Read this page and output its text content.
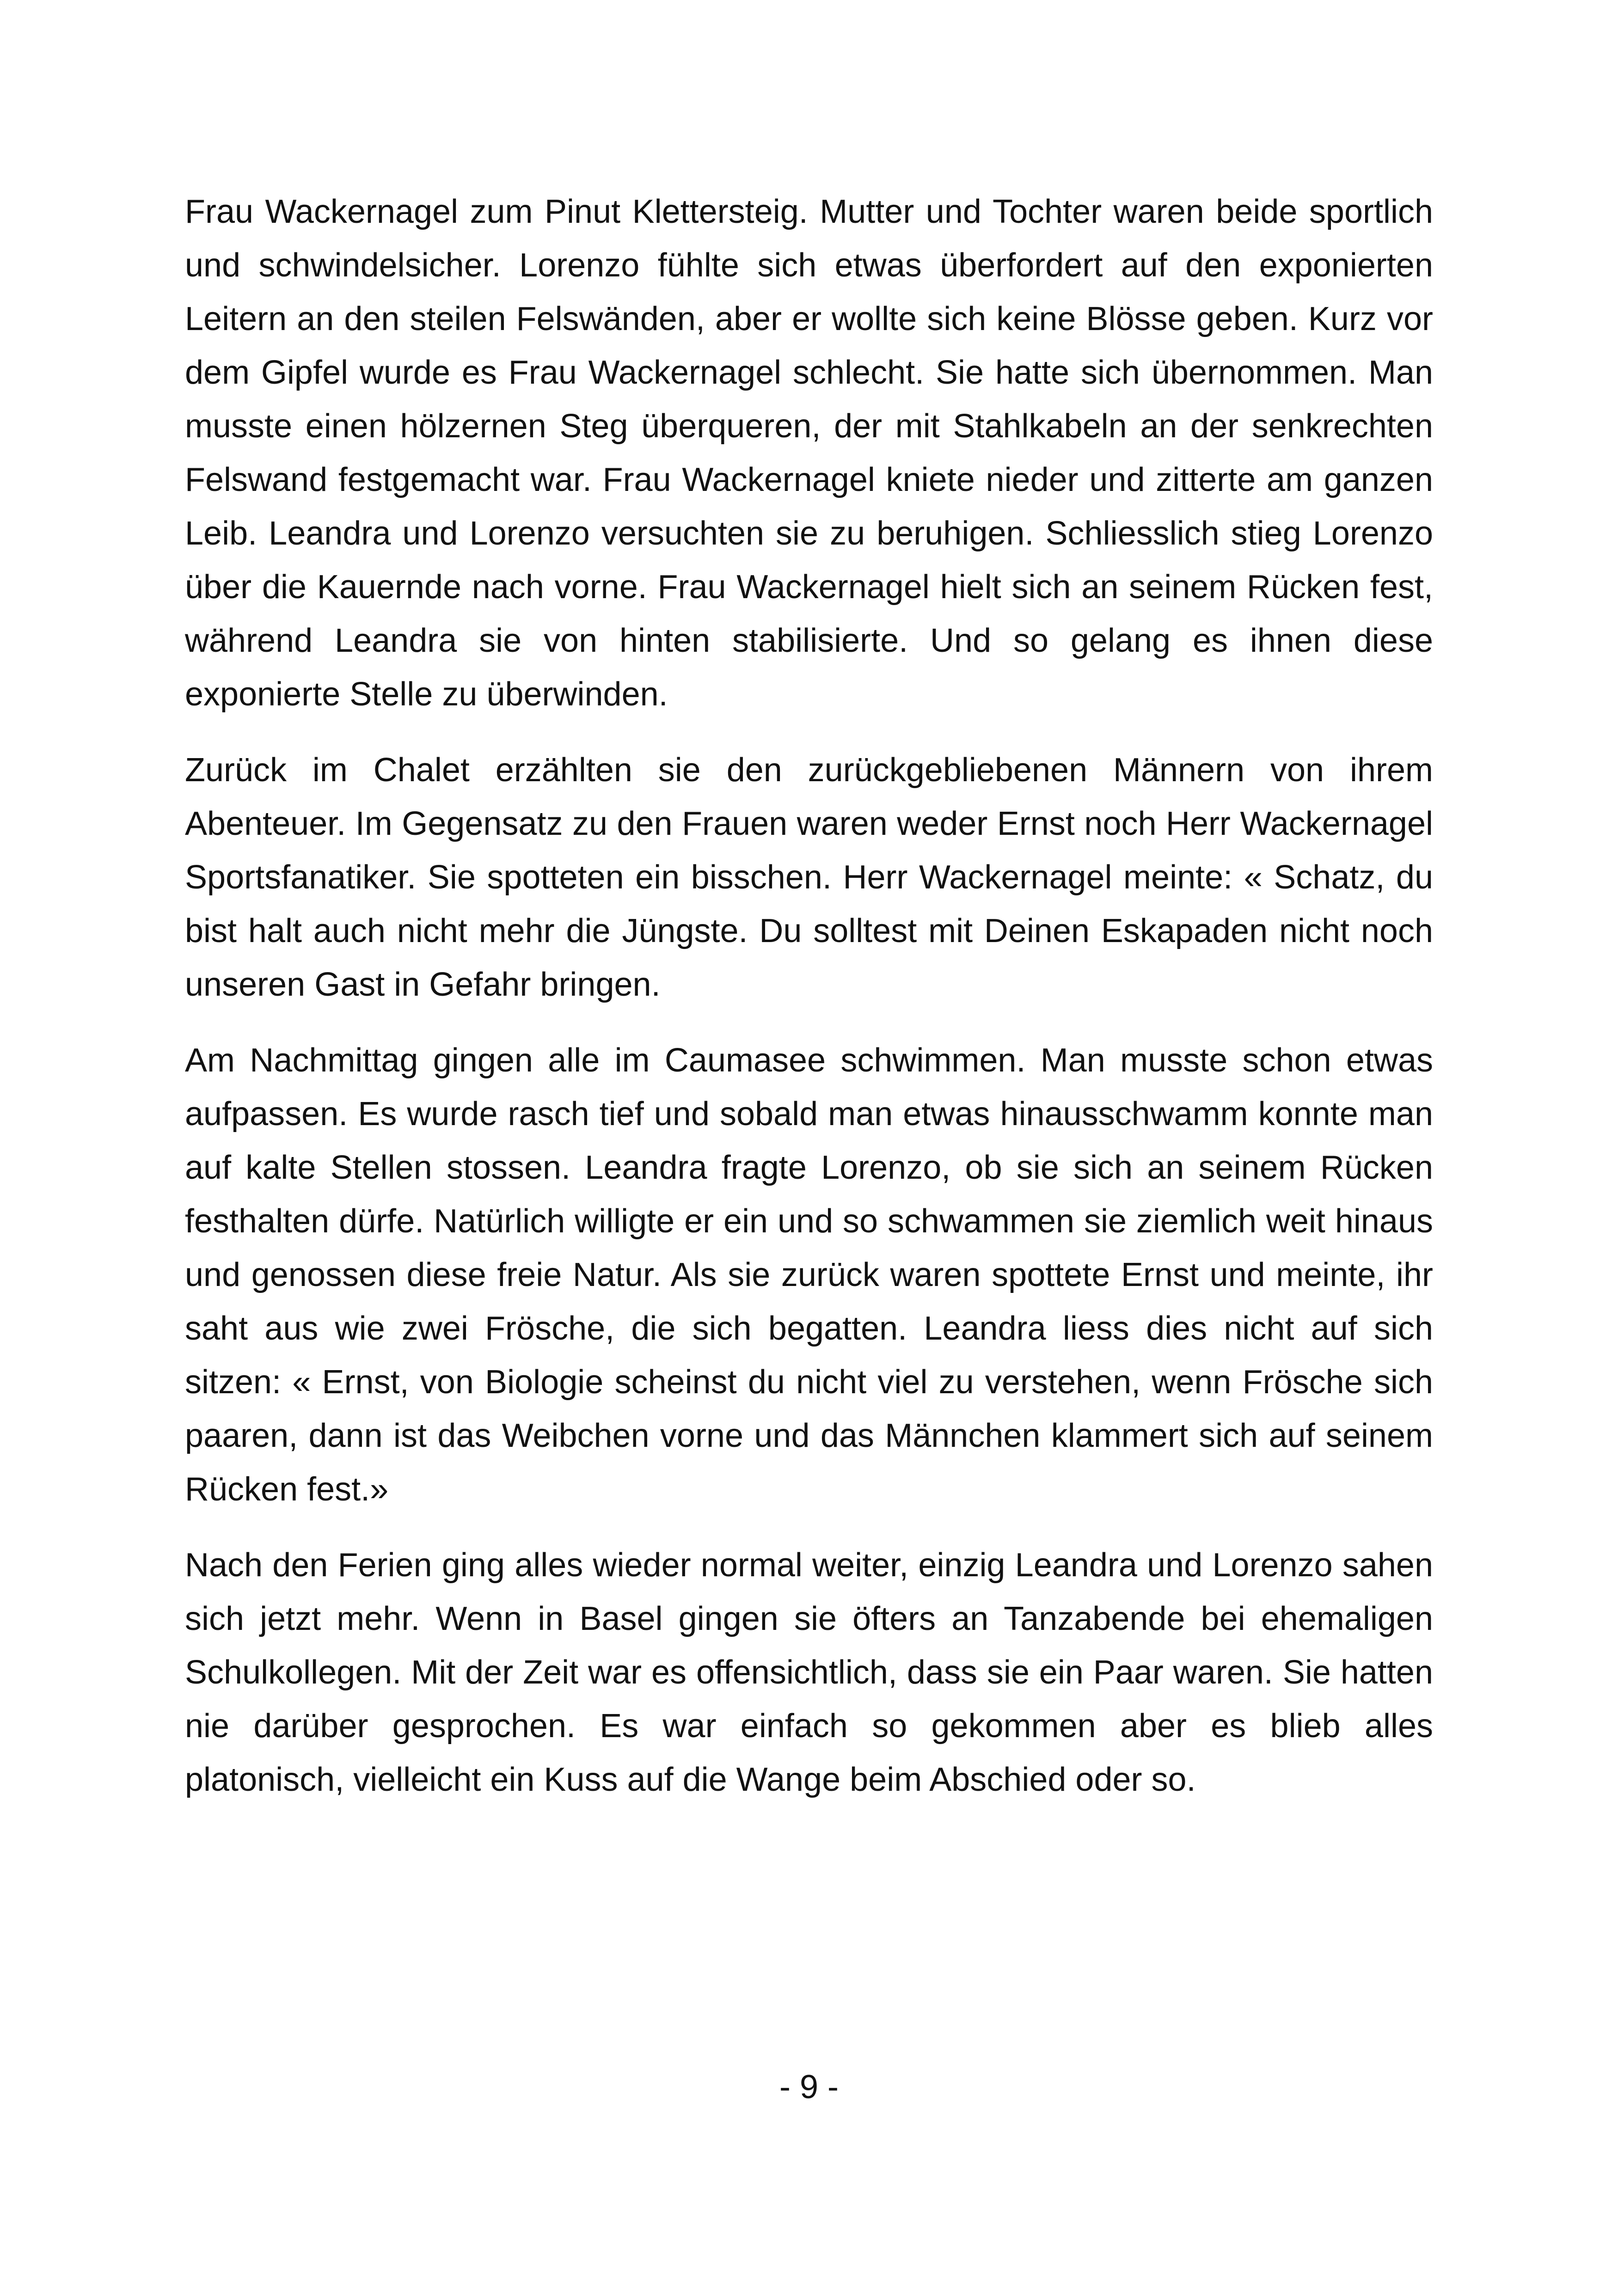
Frau Wackernagel zum Pinut Klettersteig. Mutter und Tochter waren beide sportlich und schwindelsicher. Lorenzo fühlte sich etwas überfordert auf den exponierten Leitern an den steilen Felswänden, aber er wollte sich keine Blösse geben. Kurz vor dem Gipfel wurde es Frau Wackernagel schlecht. Sie hatte sich übernommen. Man musste einen hölzernen Steg überqueren, der mit Stahlkabeln an der senkrechten Felswand festgemacht war. Frau Wackernagel kniete nieder und zitterte am ganzen Leib. Leandra und Lorenzo versuchten sie zu beruhigen. Schliesslich stieg Lorenzo über die Kauernde nach vorne. Frau Wackernagel hielt sich an seinem Rücken fest, während Leandra sie von hinten stabilisierte. Und so gelang es ihnen diese exponierte Stelle zu überwinden.

Zurück im Chalet erzählten sie den zurückgebliebenen Männern von ihrem Abenteuer. Im Gegensatz zu den Frauen waren weder Ernst noch Herr Wackernagel Sportsfanatiker. Sie spotteten ein bisschen. Herr Wackernagel meinte: « Schatz, du bist halt auch nicht mehr die Jüngste. Du solltest mit Deinen Eskapaden nicht noch unseren Gast in Gefahr bringen.

Am Nachmittag gingen alle im Caumasee schwimmen. Man musste schon etwas aufpassen. Es wurde rasch tief und sobald man etwas hinausschwamm konnte man auf kalte Stellen stossen. Leandra fragte Lorenzo, ob sie sich an seinem Rücken festhalten dürfe. Natürlich willigte er ein und so schwammen sie ziemlich weit hinaus und genossen diese freie Natur. Als sie zurück waren spottete Ernst und meinte, ihr saht aus wie zwei Frösche, die sich begatten. Leandra liess dies nicht auf sich sitzen: « Ernst, von Biologie scheinst du nicht viel zu verstehen, wenn Frösche sich paaren, dann ist das Weibchen vorne und das Männchen klammert sich auf seinem Rücken fest.»

Nach den Ferien ging alles wieder normal weiter, einzig Leandra und Lorenzo sahen sich jetzt mehr. Wenn in Basel gingen sie öfters an Tanzabende bei ehemaligen Schulkollegen. Mit der Zeit war es offensichtlich, dass sie ein Paar waren. Sie hatten nie darüber gesprochen. Es war einfach so gekommen aber es blieb alles platonisch, vielleicht ein Kuss auf die Wange beim Abschied oder so.

- 9 -
